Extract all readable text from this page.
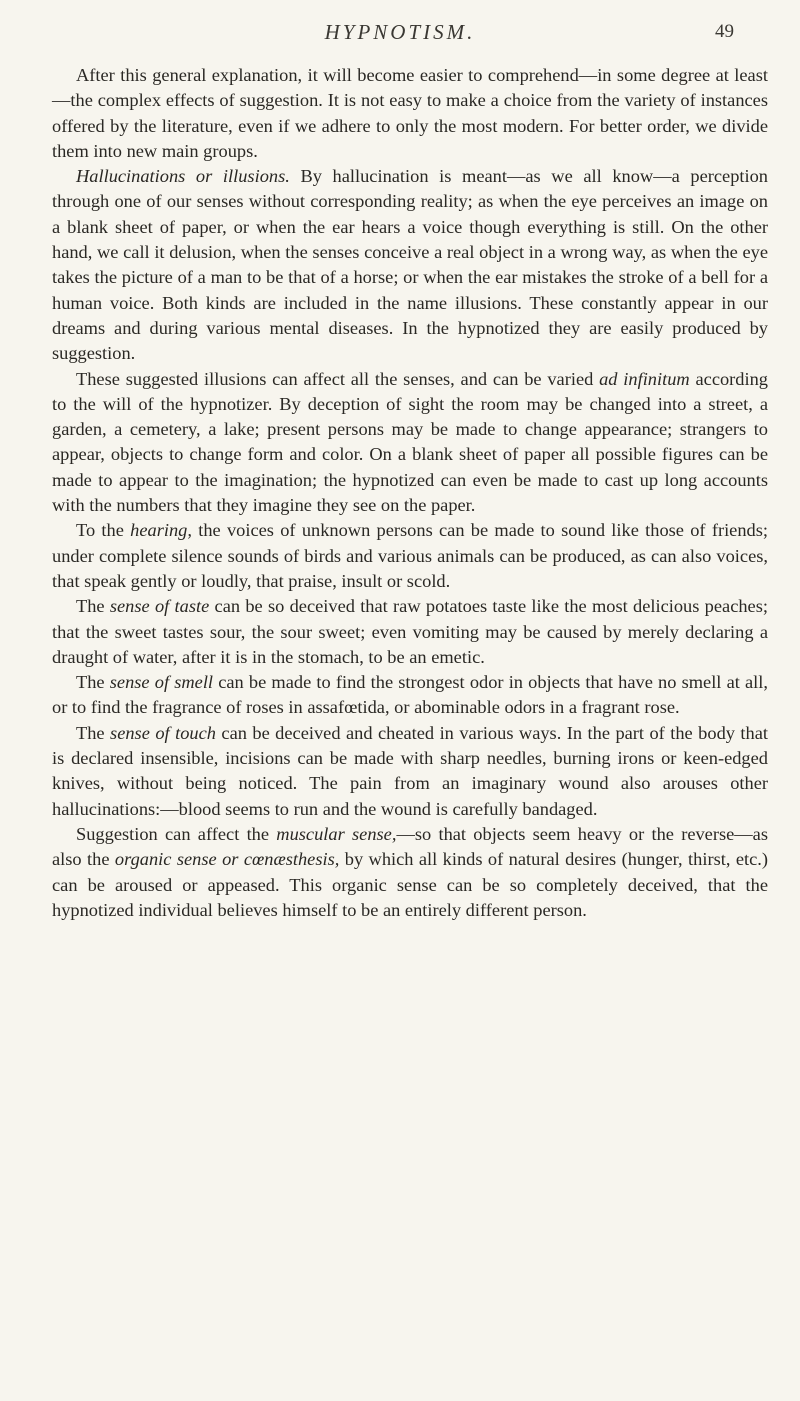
HYPNOTISM.	49

After this general explanation, it will become easier to comprehend—in some degree at least—the complex effects of suggestion. It is not easy to make a choice from the variety of instances offered by the literature, even if we adhere to only the most modern. For better order, we divide them into new main groups.

Hallucinations or illusions. By hallucination is meant—as we all know—a perception through one of our senses without corresponding reality; as when the eye perceives an image on a blank sheet of paper, or when the ear hears a voice though everything is still. On the other hand, we call it delusion, when the senses conceive a real object in a wrong way, as when the eye takes the picture of a man to be that of a horse; or when the ear mistakes the stroke of a bell for a human voice. Both kinds are included in the name illusions. These constantly appear in our dreams and during various mental diseases. In the hypnotized they are easily produced by suggestion.

These suggested illusions can affect all the senses, and can be varied ad infinitum according to the will of the hypnotizer. By deception of sight the room may be changed into a street, a garden, a cemetery, a lake; present persons may be made to change appearance; strangers to appear, objects to change form and color. On a blank sheet of paper all possible figures can be made to appear to the imagination; the hypnotized can even be made to cast up long accounts with the numbers that they imagine they see on the paper.

To the hearing, the voices of unknown persons can be made to sound like those of friends; under complete silence sounds of birds and various animals can be produced, as can also voices, that speak gently or loudly, that praise, insult or scold.

The sense of taste can be so deceived that raw potatoes taste like the most delicious peaches; that the sweet tastes sour, the sour sweet; even vomiting may be caused by merely declaring a draught of water, after it is in the stomach, to be an emetic.

The sense of smell can be made to find the strongest odor in objects that have no smell at all, or to find the fragrance of roses in assafœtida, or abominable odors in a fragrant rose.

The sense of touch can be deceived and cheated in various ways. In the part of the body that is declared insensible, incisions can be made with sharp needles, burning irons or keen-edged knives, without being noticed. The pain from an imaginary wound also arouses other hallucinations:—blood seems to run and the wound is carefully bandaged.

Suggestion can affect the muscular sense,—so that objects seem heavy or the reverse—as also the organic sense or cœnæsthesis, by which all kinds of natural desires (hunger, thirst, etc.) can be aroused or appeased. This organic sense can be so completely deceived, that the hypnotized individual believes himself to be an entirely different person.
